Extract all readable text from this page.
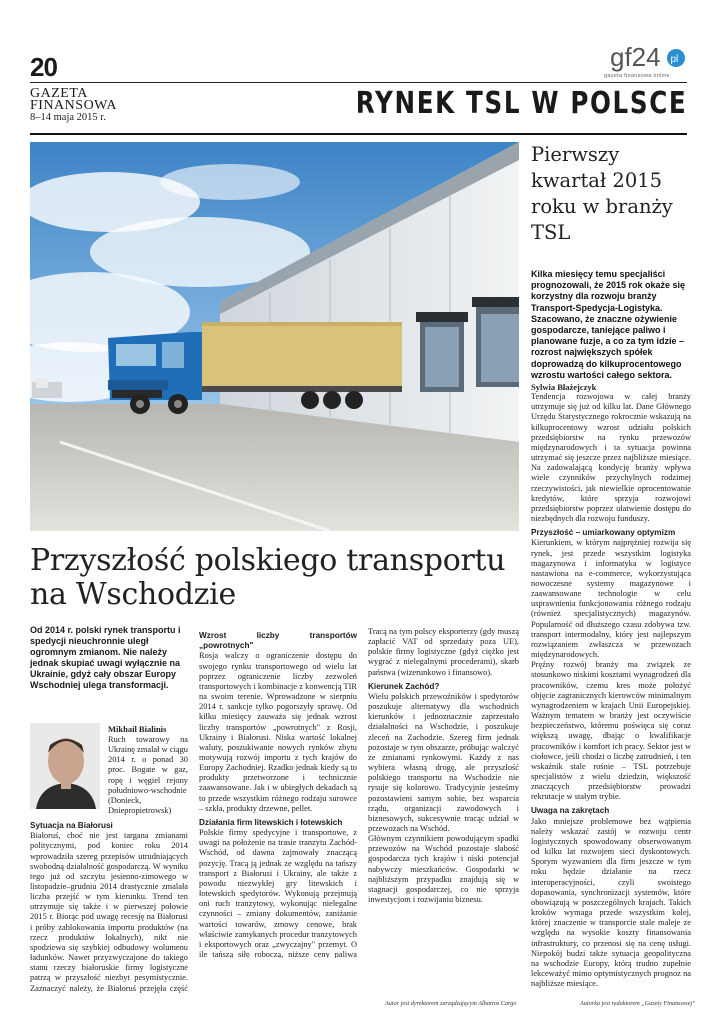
20	gf24 pl
gazeta finansowa online
GAZETA
FINANSOWA
8–14 maja 2015 r.	RYNEK TSL W POLSCE
Pierwszy kwartał 2015 roku w branży TSL
Kilka miesięcy temu specjaliści prognozowali, że 2015 rok okaże się korzystny dla rozwoju branży Transport-Spedycja-Logistyka. Szacowano, że znaczne ożywienie gospodarcze, taniejące paliwo i planowane fuzje, a co za tym idzie – rozrost największych spółek doprowadzą do kilkuprocentowego wzrostu wartości całego sektora.
Sylwia Błażejczyk

Tendencja rozwojowa w całej branży utrzymuje się już od kilku lat. Dane Głównego Urzędu Statystycznego rokrocznie wskazują na kilkuprocentowy wzrost udziału polskich przedsiębiorstw na rynku przewozów międzynarodowych i ta sytuacja powinna utrzymać się jeszcze przez najbliższe miesiące. Na zadowalającą kondycję branży wpływa wiele czynników przychylnych rodzimej rzeczywistości, jak niewielkie oprocentowanie kredytów, które sprzyja rozwojowi przedsiębiorstw poprzez ułatwienie dostępu do niezbędnych dla rozwoju funduszy.

Przyszłość – umiarkowany optymizm

Kierunkiem, w którym najprężniej rozwija się rynek, jest przede wszystkim logistyka magazynowa i informatyka w logistyce nastawiona na e-commerce, wykorzystująca nowoczesne systemy magazynowe i zaawansowane technologie w celu usprawnienia funkcjonowania różnego rodzaju (również specjalistycznych) magazynów. Popularność od dłuższego czasu zdobywa tzw. transport intermodalny, który jest najlepszym rozwiązaniem zwłaszcza w przewozach międzynarodowych.

Pręźny rozwój branży ma związek ze stosunkowo niskimi kosztami wynagrodzeń dla pracowników, czemu kres może położyć objęcie zagranicznych kierowców minimalnym wynagrodzeniem w krajach Unii Europejskiej. Ważnym tematem w branży jest oczywiście bezpieczeństwo, któremu poświęca się coraz większą uwagę, dbając o kwalifikacje pracowników i komfort ich pracy. Sektor jest w ciołowce, jeśli chodzi o liczbę zatrudnień, i ten wskaźnik stale rośnie – TSL potrzebuje specjalistów z wielu dziedzin, większość znaczących przedsiębiorstw prowadzi rekrutacje w stałym trybie.

Uwaga na zakrętach

Jako mniejsze problemowe bez wątpienia należy wskazać zastój w rozwoju centr logistycznych spowodowany obserwowanym od kilku lat rozwojem sieci dyskontowych. Sporym wyzwaniem dla firm jeszcze w tym roku będzie działanie na rzecz interoperacyjności, czyli swoistego dopasowania, synchronizacji systemów, które obowiązują w poszczególnych krajach. Takich kroków wymaga przede wszystkim kolej, której znaczenie w transporcie stale maleje ze względu na wysokie koszty finansowania infrastruktury, co przenosi się na cenę usługi. Niepokój budzi także sytuacja geopolityczna na wschodzie Europy, którą trudno zupełnie lekceważyć mimo optymistycznych prognoz na najbliższe miesiące.

Przyszłość polskiego transportu na Wschodzie
Od 2014 r. polski rynek transportu i spedycji nieuchronnie uległ ogromnym zmianom. Nie należy jednak skupiać uwagi wyłącznie na Ukrainie, gdyż cały obszar Europy Wschodniej ulega transformacji.
Mikhail Bialinis

Ruch towarowy na Ukrainę zmalał w ciągu 2014 r. o ponad 30 proc. Bogate w gaz, ropę i węgiel rejony południowo-wschodnie (Donieck, Dniepropietrowsk)

Sytuacja na Białorusi

Białoruś, choć nie jest targana zmianami politycznymi, pod koniec roku 2014 wprowadziła szereg przepisów utrudniających swobodną działalność gospodarczą. W wyniku tego już od szczytu jesienno-zimowego w listopadzie–grudniu 2014 drastycznie zmalała liczba przejść w tym kierunku. Trend ten utrzymuje się także i w pierwszej połowie 2015 r. Biorąc pod uwagę recesję na Białorusi i próby zablokowania importu produktów (na rzecz produktów lokalnych), nikt nie spodziewa się szybkiej odbudowy wolumenu ładunków. Nawet przyzwyczajone do takiego stanu rzeczy białoruskie firmy logistyczne patrzą w przyszłość niezbyt pesymistycznie. Zaznaczyć należy, że Białoruś przejęła część

Wzrost liczby transportów „powrotnych"

Rosja walczy o ograniczenie dostępu do swojego rynku transportowego od wielu lat poprzez ograniczenie liczby zezwoleń transportowych i kombinacje z konwencją TIR na swoim terenie. Wprowadzone w sierpniu 2014 r. sankcje tylko pogorszyły sprawę. Od kilku miesięcy zauważa się jednak wzrost liczby transportów „powrotnych" z Rosji, Ukrainy i Białorusi. Niska wartość lokalnej waluty, poszukiwanie nowych rynków zbytu motywują rozwój importu z tych krajów do Europy Zachodniej. Rzadko jednak kiedy są to produkty przetworzone i technicznie zaawansowane. Jak i w ubiegłych dekadach są to przede wszystkim różnego rodzaju surowce – szkła, produkty drzewne, pellet.

Działania firm litewskich i łotewskich

Polskie firmy spedycyjne i transportowe, z uwagi na położenie na trasie tranzytu Zachód-Wschód, od dawna zajmowały znaczącą pozycję. Tracą ją jednak ze względu na tańszy transport z Białorusi i Ukrainy, ale także z powodu niezwykłej gry litewskich i łotewskich spedytorów. Wykonują przejmują oni ruch tranzytowy, wykonując nielegalne czynności – zmiany dokumentów, zaniżanie wartości towarów, zmowy cenowe, brak właściwie zamykanych procedur tranzytowych i eksportowych oraz „zwyczajny" przemyt. O ile tańszą siłę roboczą, niższe ceny paliwa

Tracą na tym polscy eksporterzy (gdy muszą zapłacić VAT od sprzedaży poza UE), polskie firmy logistyczne (gdyż ciężko jest wygrać z nielegalnymi procederami), skarb państwa (wizerunkowo i finansowo).

Kierunek Zachód?

Wielu polskich przewoźników i spedytorów poszukuje alternatywy dla wschodnich kierunków i jednoznacznie zaprzestało działalności na Wschodzie, i poszukuje zleceń na Zachodzie. Szereg firm jednak pozostaje w tym obszarze, próbując walczyć ze zmianami rynkowymi. Każdy z nas wybiera własną drogę, ale przyszłość polskiego transportu na Wschodzie nie rysuje się kolorowo. Tradycyjnie jesteśmy pozostawieni samym sobie, bez wsparcia rządu, organizacji zawodowych i biznesowych, sukcesywnie tracąc udział w przewozach na Wschód.

Głównym czynnikiem powodującym spadki przewozów na Wschód pozostaje słabość gospodarcza tych krajów i niski potencjał nabywczy mieszkańców. Gospodarki w najbliższym przypadku znajdują się w stagnacji gospodarczej, co nie sprzyja inwestycjom i rozwijaniu biznesu.

Autor jest dyrektorem zarządzającym Albatros Cargo	Autorka jest redaktorem „Gazety Finansowej"
